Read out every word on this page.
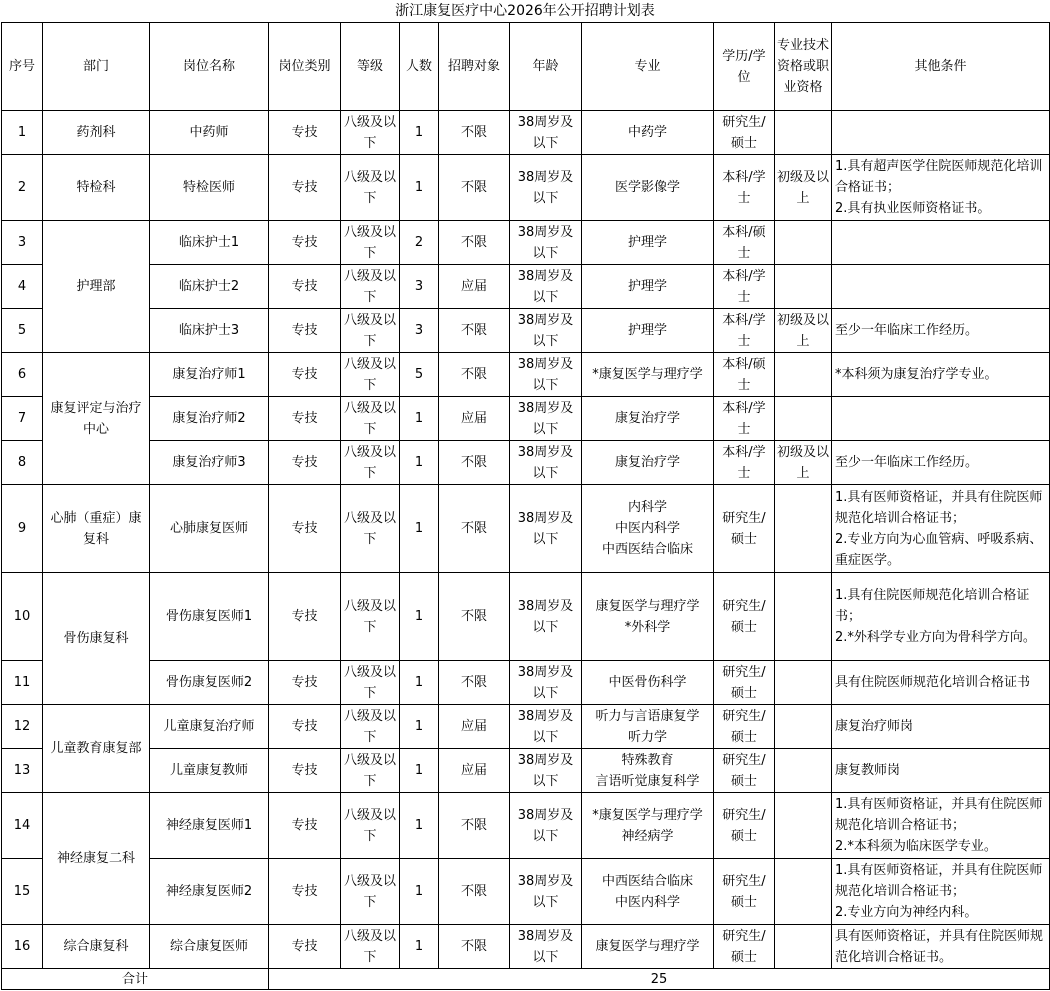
浙江康复医疗中心2026年公开招聘计划表
序号	部门	岗位名称	岗位类别	等级	人数	招聘对象	年龄	专业	学历/学位	专业技术资格或职业资格	其他条件
1	药剂科	中药师	专技	八级及以下	1	不限	38周岁及以下	中药学	研究生/硕士		
2	特检科	特检医师	专技	八级及以下	1	不限	38周岁及以下	医学影像学	本科/学士	初级及以上	1.具有超声医学住院医师规范化培训合格证书；
2.具有执业医师资格证书。

3	护理部	临床护士1	专技	八级及以下	2	不限	38周岁及以下	护理学	本科/硕士		
4		临床护士2	专技	八级及以下	3	应届	38周岁及以下	护理学	本科/学士		
5		临床护士3	专技	八级及以下	3	不限	38周岁及以下	护理学	本科/学士	初级及以上	至少一年临床工作经历。
6	康复评定与治疗中心	康复治疗师1	专技	八级及以下	5	不限	38周岁及以下	*康复医学与理疗学	本科/硕士		*本科须为康复治疗学专业。
7		康复治疗师2	专技	八级及以下	1	应届	38周岁及以下	康复治疗学	本科/学士		
8		康复治疗师3	专技	八级及以下	1	不限	38周岁及以下	康复治疗学	本科/学士	初级及以上	至少一年临床工作经历。
9	心肺（重症）康复科	心肺康复医师	专技	八级及以下	1	不限	38周岁及以下	内科学
中医内科学
中西医结合临床	研究生/硕士		1.具有医师资格证，并具有住院医师规范化培训合格证书；
2.专业方向为心血管病、呼吸系病、重症医学。

10	骨伤康复科	骨伤康复医师1	专技	八级及以下	1	不限	38周岁及以下	康复医学与理疗学
*外科学	研究生/硕士		1.具有住院医师规范化培训合格证书；
2.*外科学专业方向为骨科学方向。

11		骨伤康复医师2	专技	八级及以下	1	不限	38周岁及以下	中医骨伤科学	研究生/硕士		具有住院医师规范化培训合格证书
12	儿童教育康复部	儿童康复治疗师	专技	八级及以下	1	应届	38周岁及以下	听力与言语康复学
听力学	研究生/硕士		康复治疗师岗
13		儿童康复教师	专技	八级及以下	1	应届	38周岁及以下	特殊教育
言语听觉康复科学	研究生/硕士		康复教师岗
14	神经康复二科	神经康复医师1	专技	八级及以下	1	不限	38周岁及以下	*康复医学与理疗学
神经病学	研究生/硕士		1.具有医师资格证，并具有住院医师规范化培训合格证书；
2.*本科须为临床医学专业。

15		神经康复医师2	专技	八级及以下	1	不限	38周岁及以下	中西医结合临床
中医内科学	研究生/硕士		1.具有医师资格证，并具有住院医师规范化培训合格证书；
2.专业方向为神经内科。

16	综合康复科	综合康复医师	专技	八级及以下	1	不限	38周岁及以下	康复医学与理疗学	研究生/硕士		具有医师资格证，并具有住院医师规范化培训合格证书。
合计			25								
